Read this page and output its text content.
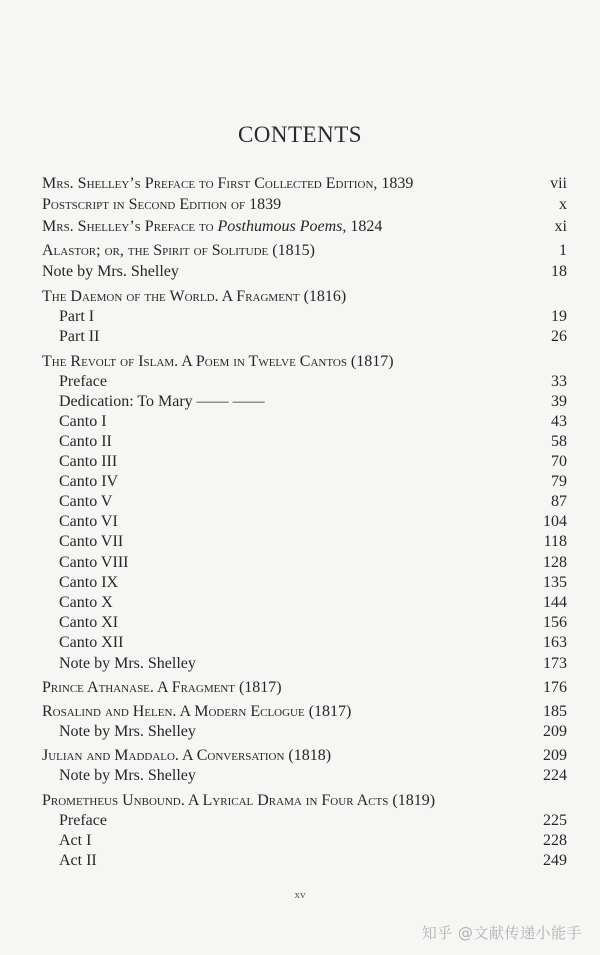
CONTENTS
Mrs. Shelley’s Preface to First Collected Edition, 1839	vii
Postscript in Second Edition of 1839	x
Mrs. Shelley’s Preface to Posthumous Poems, 1824	xi
Alastor; or, the Spirit of Solitude (1815)	1
Note by Mrs. Shelley	18
The Daemon of the World. A Fragment (1816)
Part I	19
Part II	26
The Revolt of Islam. A Poem in Twelve Cantos (1817)
Preface	33
Dedication: To Mary —— ——	39
Canto I	43
Canto II	58
Canto III	70
Canto IV	79
Canto V	87
Canto VI	104
Canto VII	118
Canto VIII	128
Canto IX	135
Canto X	144
Canto XI	156
Canto XII	163
Note by Mrs. Shelley	173
Prince Athanase. A Fragment (1817)	176
Rosalind and Helen. A Modern Eclogue (1817)	185
Note by Mrs. Shelley	209
Julian and Maddalo. A Conversation (1818)	209
Note by Mrs. Shelley	224
Prometheus Unbound. A Lyrical Drama in Four Acts (1819)
Preface	225
Act I	228
Act II	249
xv
知乎 @文献传递小能手
